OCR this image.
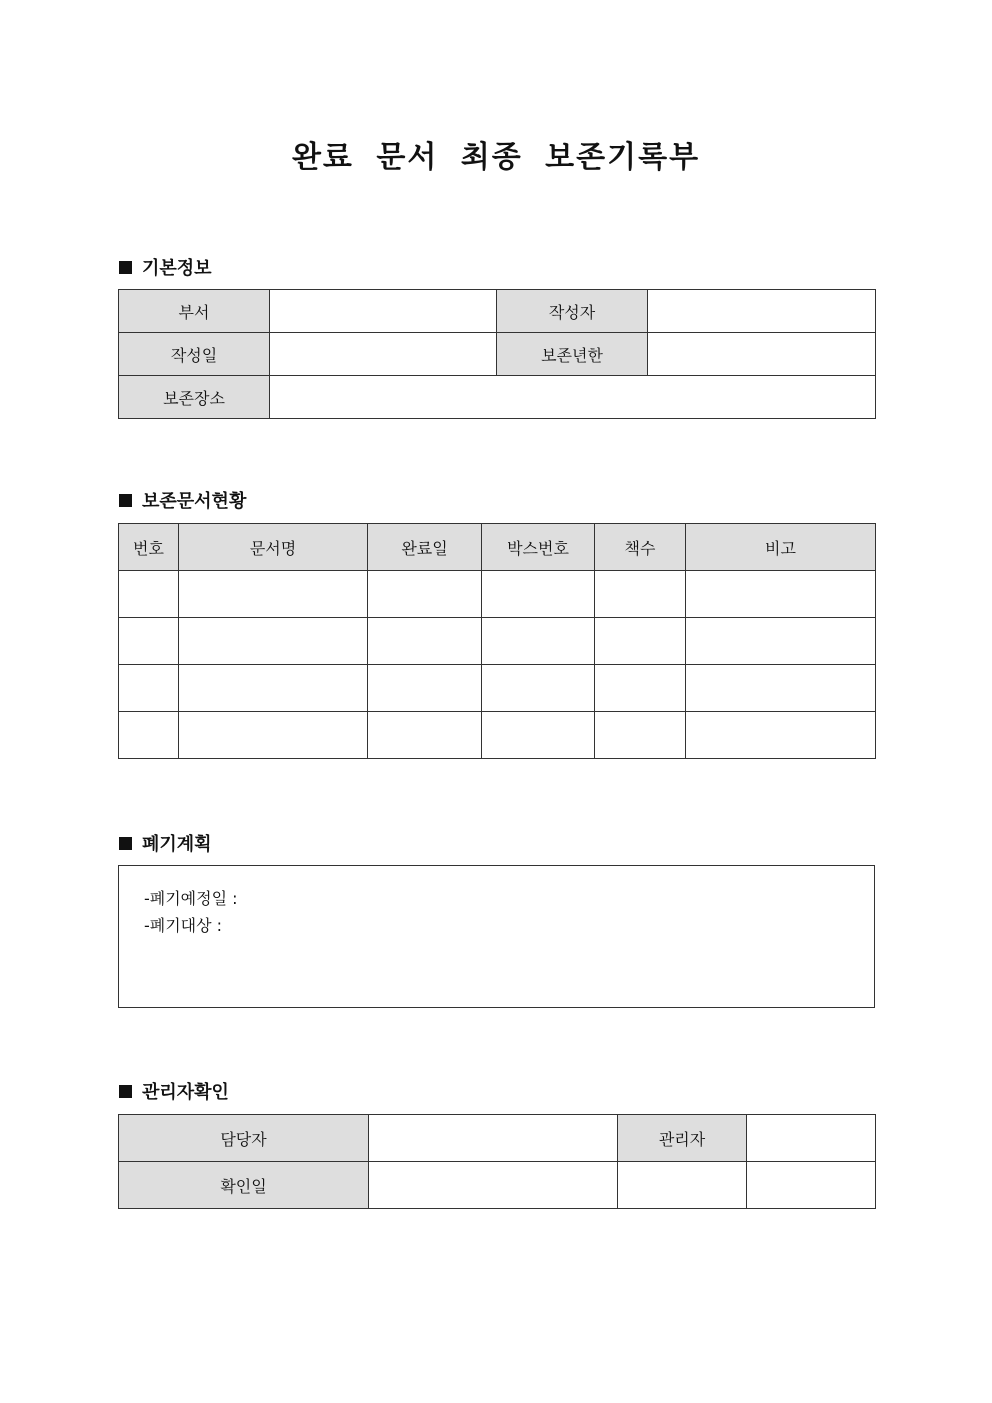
완료 문서 최종 보존기록부
기본정보
부서		작성자	
작성일		보존년한	
보존장소			
보존문서현황
번호	문서명	완료일	박스번호	책수	비고

폐기계획
-폐기예정일 :
-폐기대상 :
관리자확인
담당자		관리자	
확인일			
